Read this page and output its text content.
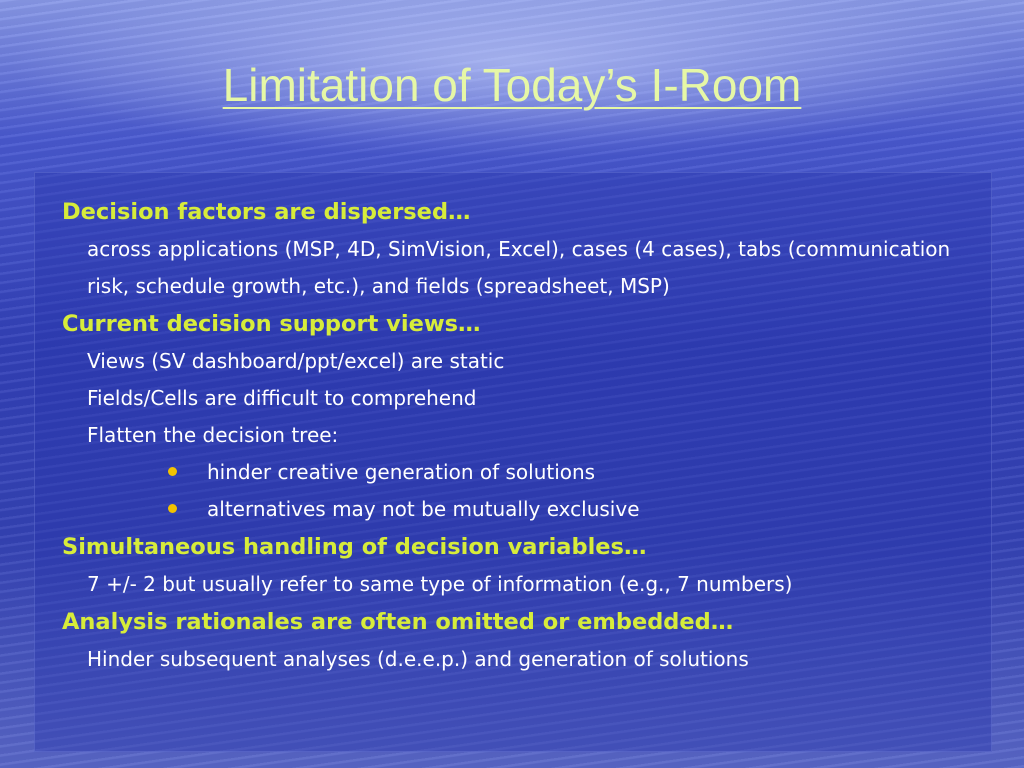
Limitation of Today’s I-Room
Decision factors are dispersed…
across applications (MSP, 4D, SimVision, Excel), cases (4 cases), tabs (communication risk, schedule growth, etc.), and fields (spreadsheet, MSP)
Current decision support views…
Views (SV dashboard/ppt/excel) are static
Fields/Cells are difficult to comprehend
Flatten the decision tree:
hinder creative generation of solutions
alternatives may not be mutually exclusive
Simultaneous handling of decision variables…
7 +/- 2 but usually refer to same type of information (e.g., 7 numbers)
Analysis rationales are often omitted or embedded…
Hinder subsequent analyses (d.e.e.p.) and generation of solutions
